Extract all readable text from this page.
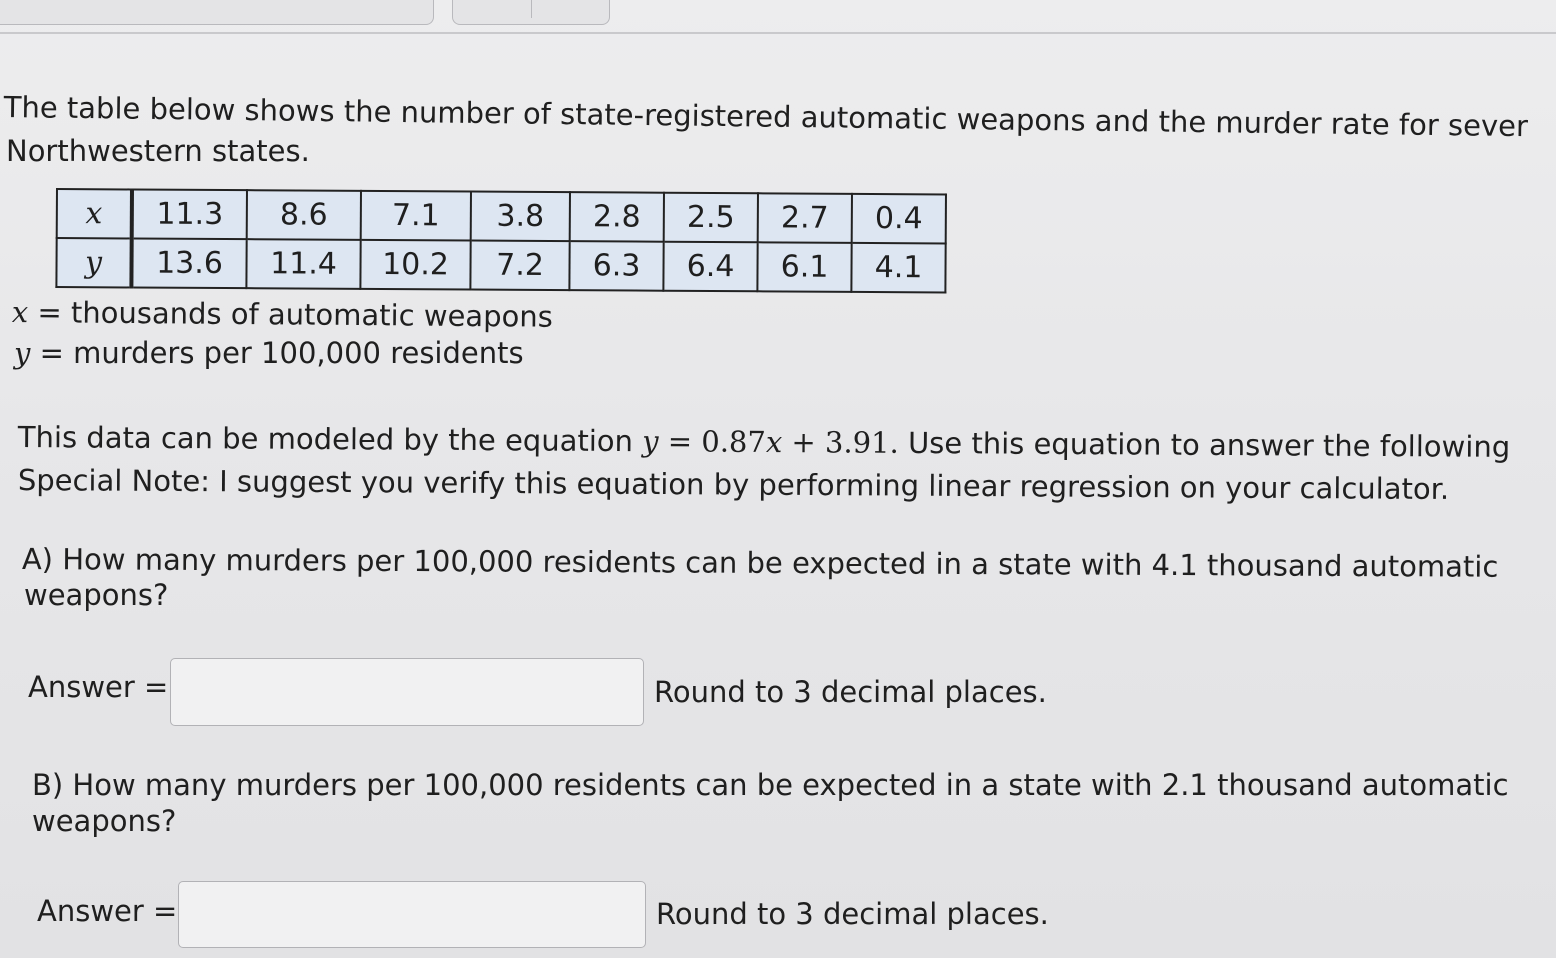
The table below shows the number of state-registered automatic weapons and the murder rate for sever
Northwestern states.
x	11.3	8.6	7.1	3.8	2.8	2.5	2.7	0.4
y	13.6	11.4	10.2	7.2	6.3	6.4	6.1	4.1
x = thousands of automatic weapons
y = murders per 100,000 residents
This data can be modeled by the equation y = 0.87x + 3.91. Use this equation to answer the following
Special Note: I suggest you verify this equation by performing linear regression on your calculator.
A) How many murders per 100,000 residents can be expected in a state with 4.1 thousand automatic
weapons?
Answer =	Round to 3 decimal places.
B) How many murders per 100,000 residents can be expected in a state with 2.1 thousand automatic
weapons?
Answer =	Round to 3 decimal places.
